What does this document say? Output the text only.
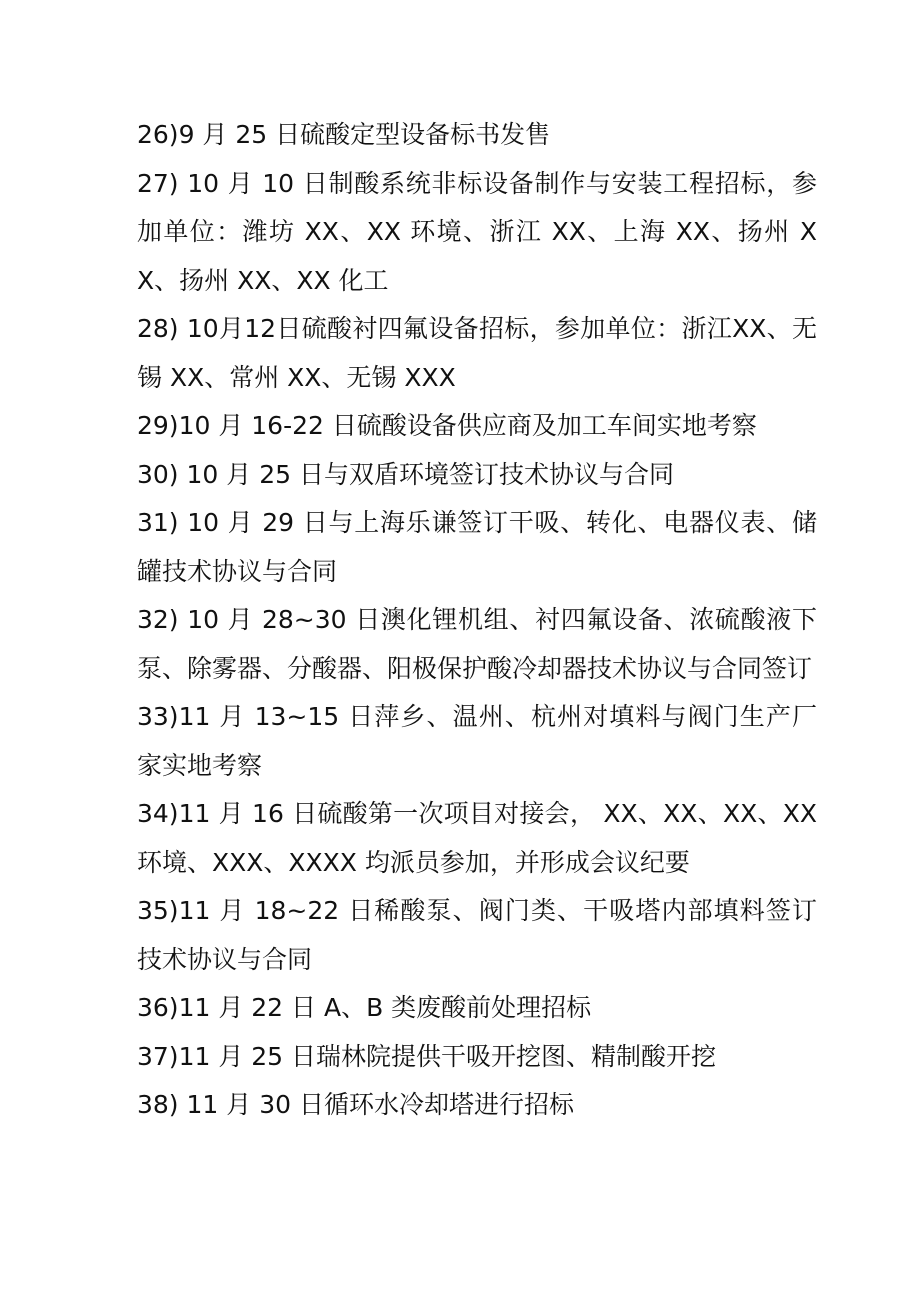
26)9 月 25 日硫酸定型设备标书发售

27) 10 月 10 日制酸系统非标设备制作与安装工程招标，参加单位：潍坊 XX、XX 环境、浙江 XX、上海 XX、扬州 XX、扬州 XX、XX 化工

28) 10月12日硫酸衬四氟设备招标，参加单位：浙江XX、无锡 XX、常州 XX、无锡 XXX

29)10 月 16-22 日硫酸设备供应商及加工车间实地考察

30) 10 月 25 日与双盾环境签订技术协议与合同

31) 10 月 29 日与上海乐谦签订干吸、转化、电器仪表、储罐技术协议与合同

32) 10 月 28~30 日澳化锂机组、衬四氟设备、浓硫酸液下泵、除雾器、分酸器、阳极保护酸冷却器技术协议与合同签订

33)11 月 13~15 日萍乡、温州、杭州对填料与阀门生产厂家实地考察

34)11 月 16 日硫酸第一次项目对接会， XX、XX、XX、XX 环境、XXX、XXXX 均派员参加，并形成会议纪要

35)11 月 18~22 日稀酸泵、阀门类、干吸塔内部填料签订技术协议与合同

36)11 月 22 日 A、B 类废酸前处理招标

37)11 月 25 日瑞林院提供干吸开挖图、精制酸开挖

38) 11 月 30 日循环水冷却塔进行招标
